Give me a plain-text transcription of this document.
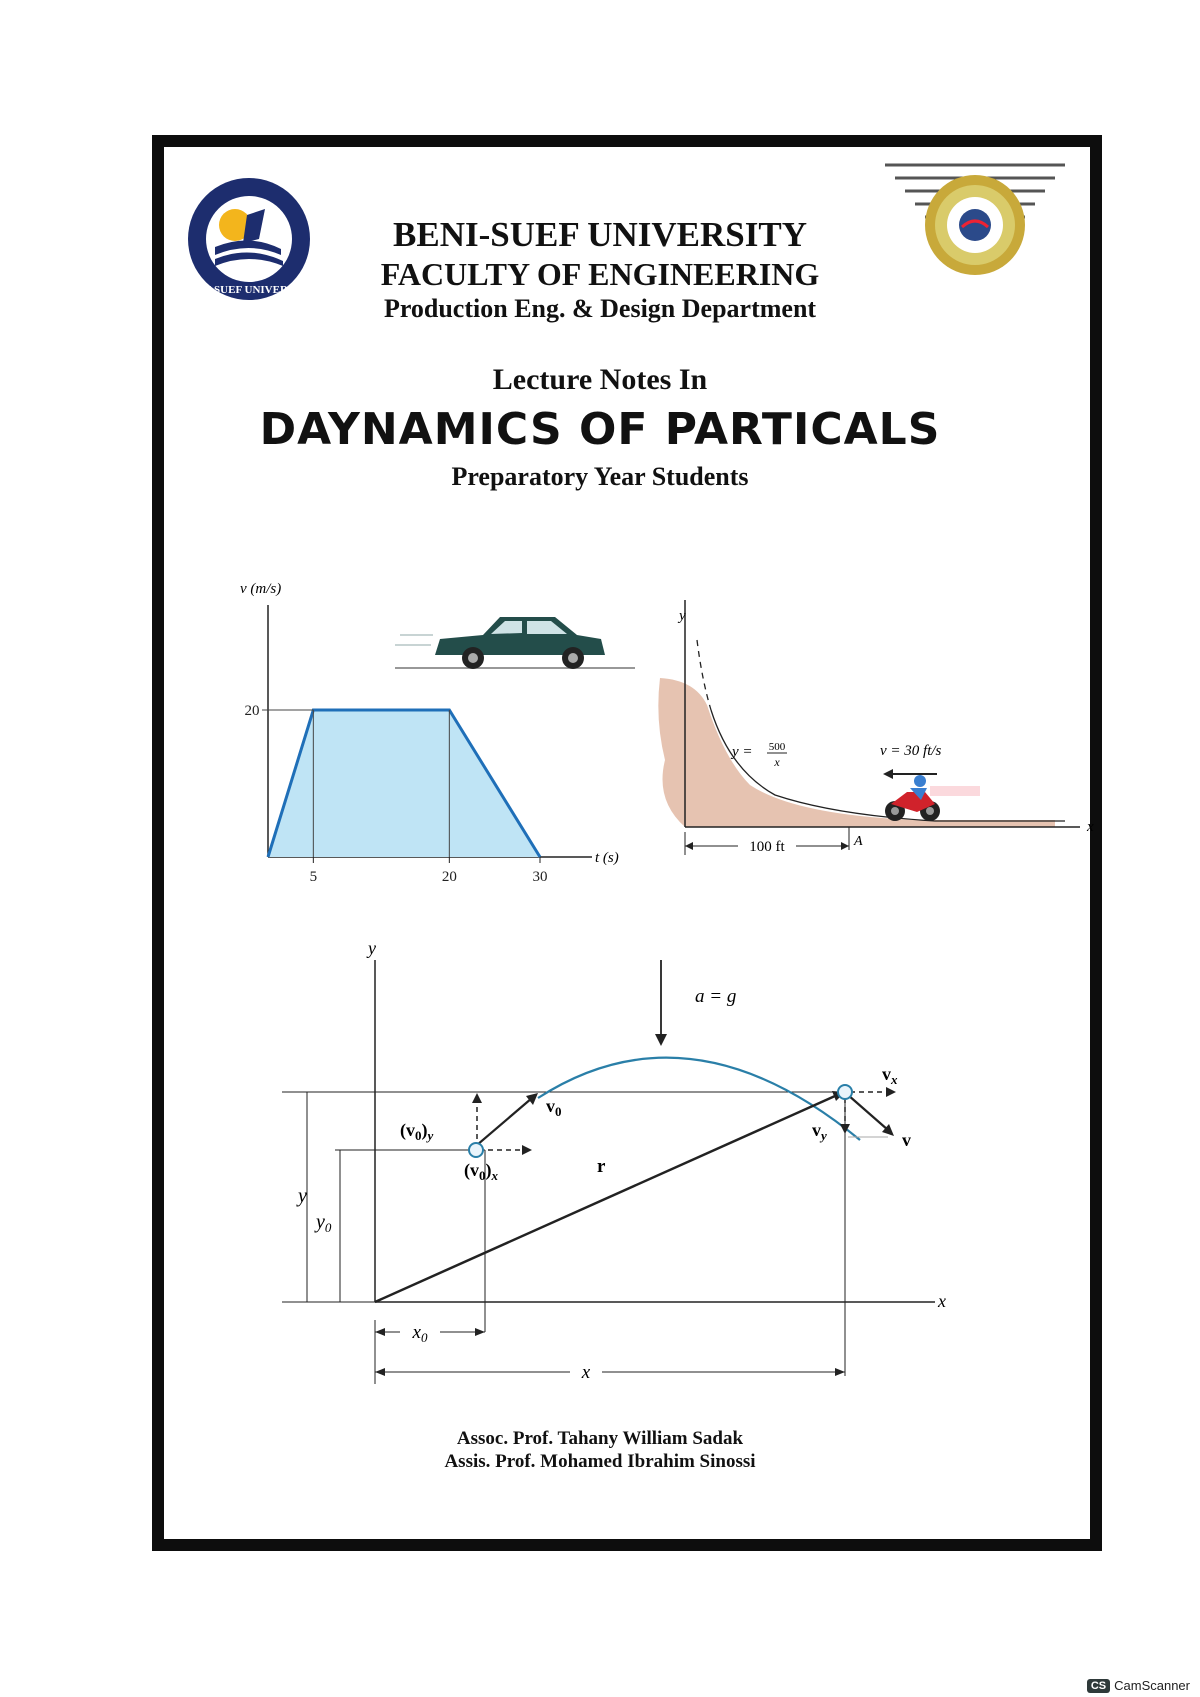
BENI SUEF UNIVERSITY
BENI-SUEF UNIVERSITY
FACULTY OF ENGINEERING
Production Eng. & Design Department
Lecture Notes In
DAYNAMICS OF PARTICALS
Preparatory Year Students
20
5	20	30
v (m/s)
t (s)
y
x
y = 500
x
v = 30 ft/s
100 ft	A
$x_0$
x
y
$y_0$
y
x
a = g
r
$v_0$
$(v_0)_y$
$(v_0)_x$
$v_y$
$v_x$
v
Assoc. Prof. Tahany William Sadak
Assis. Prof. Mohamed Ibrahim Sinossi
CS CamScanner
